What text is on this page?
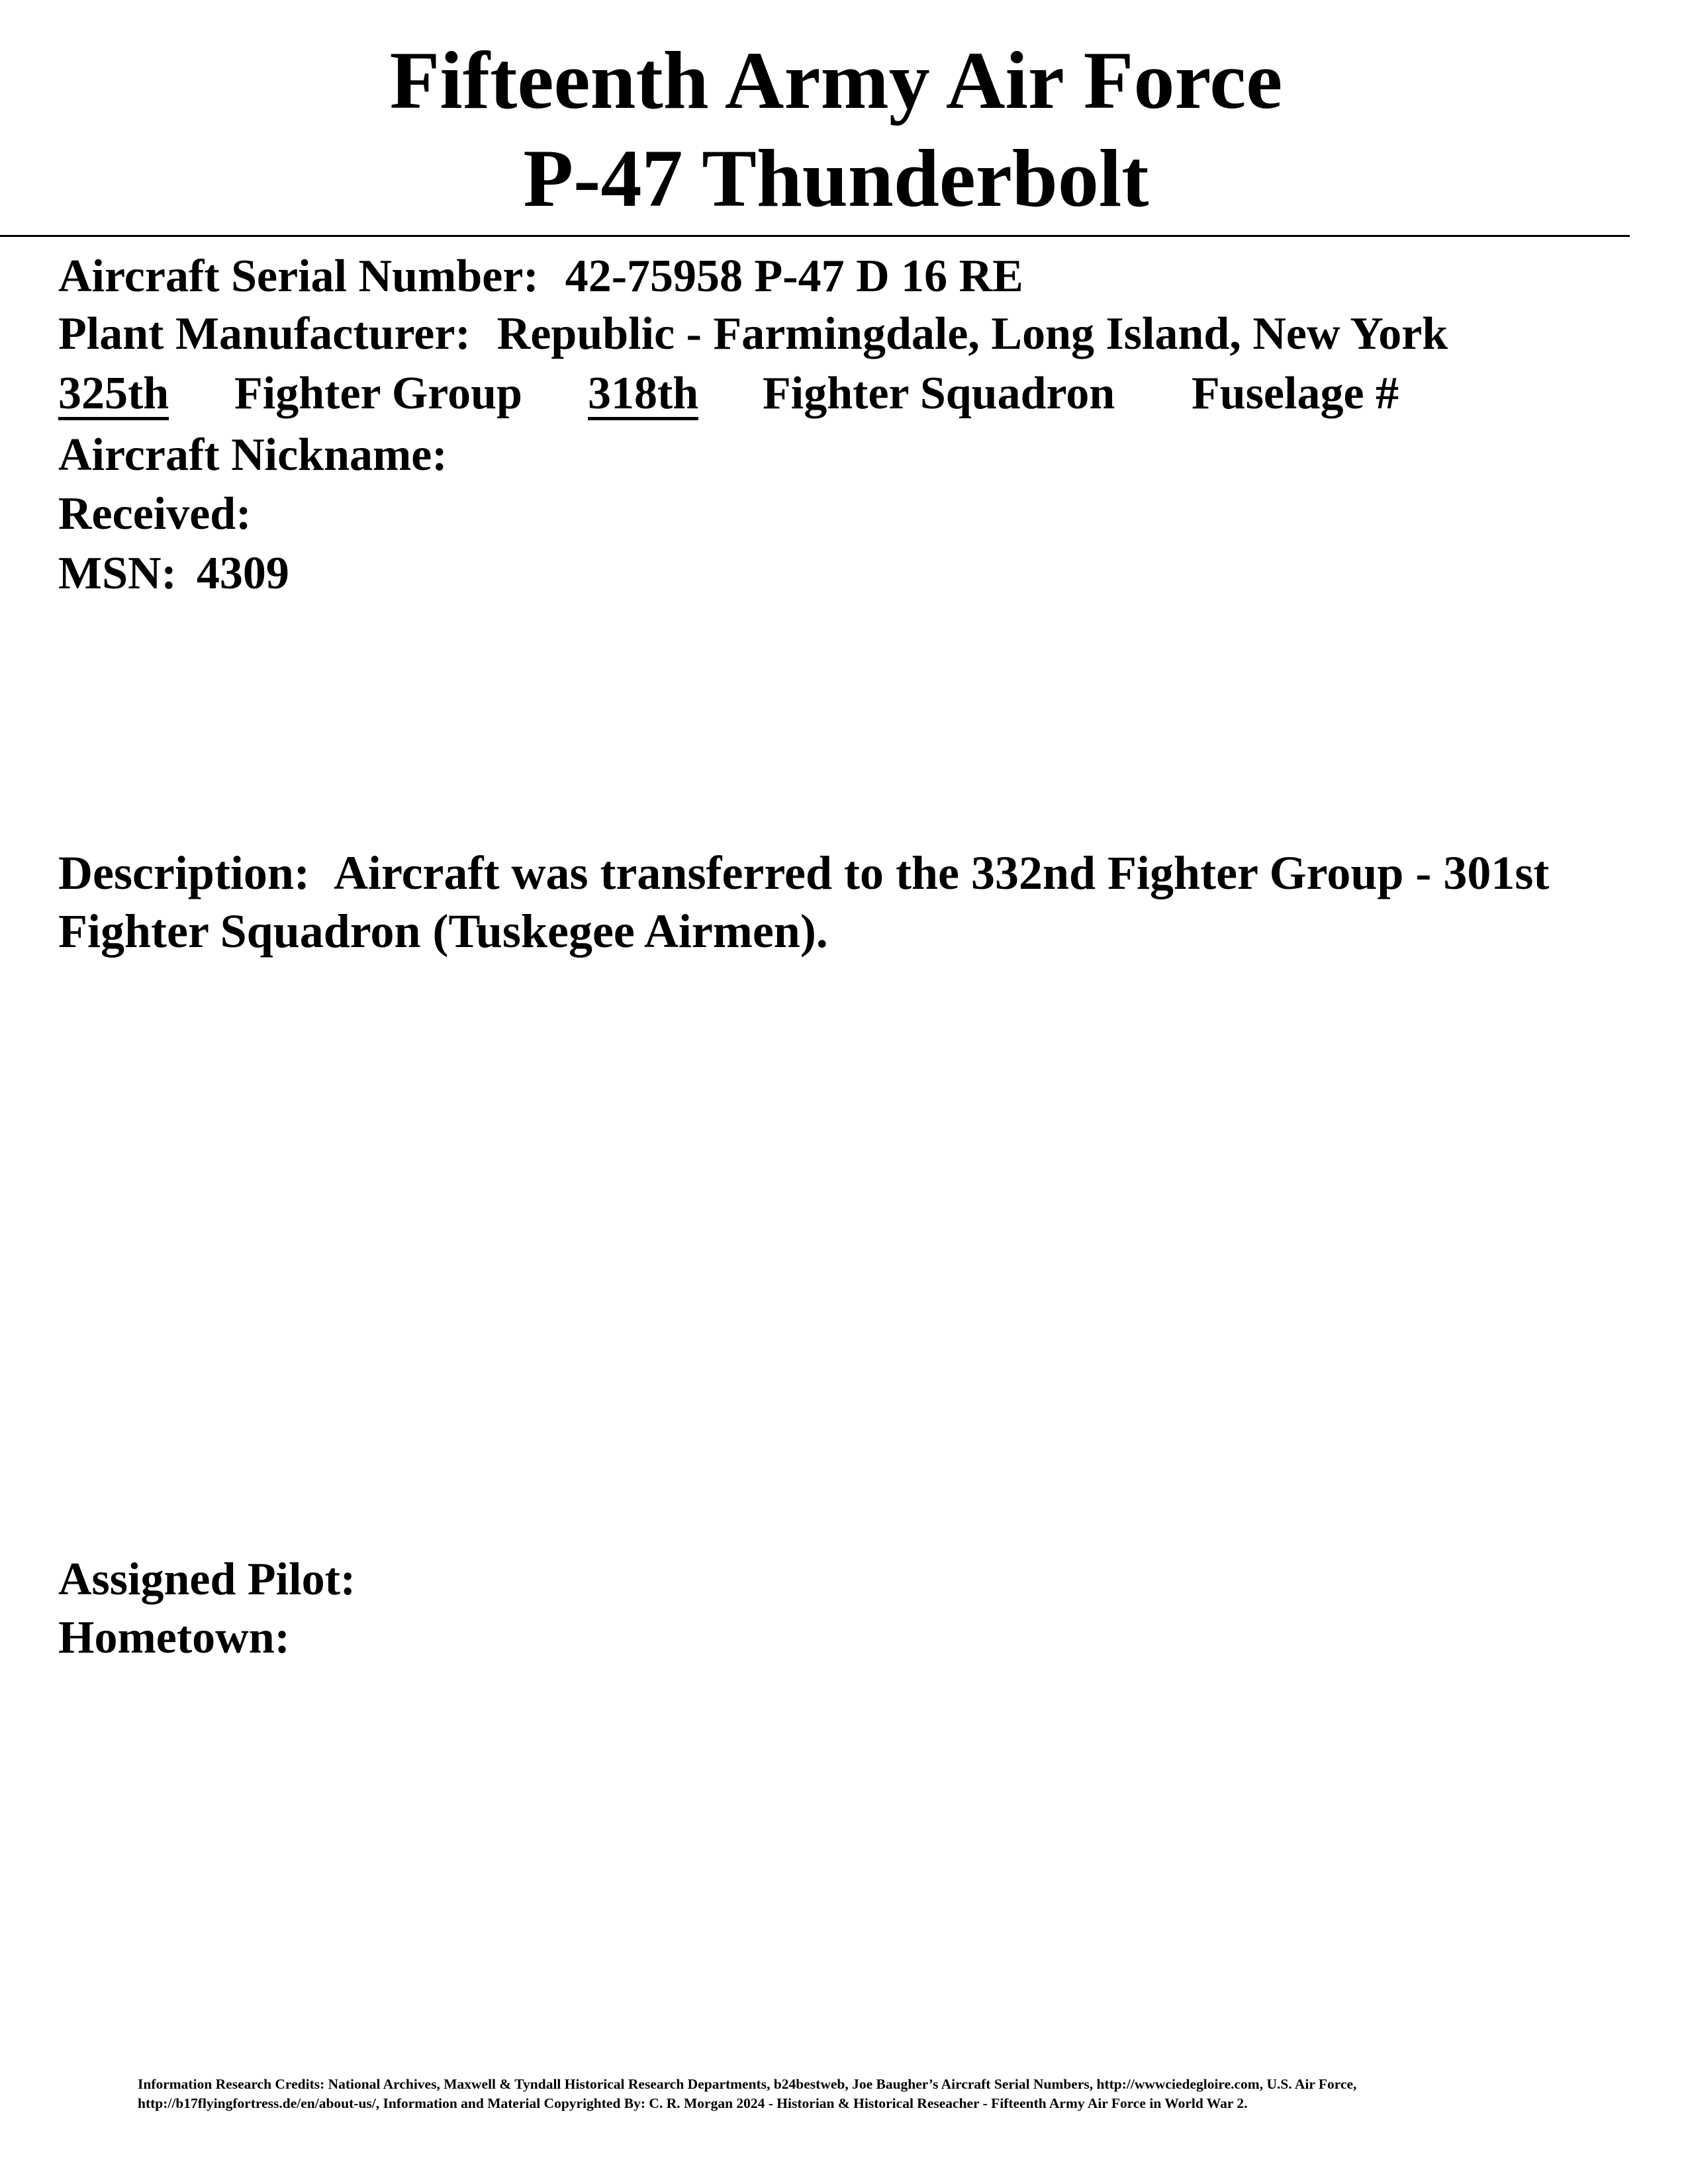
Fifteenth Army Air Force
P-47 Thunderbolt
Aircraft Serial Number: 42-75958 P-47 D 16 RE
Plant Manufacturer: Republic - Farmingdale, Long Island, New York
325th Fighter Group 318th Fighter Squadron Fuselage #
Aircraft Nickname:
Received:
MSN: 4309
Description: Aircraft was transferred to the 332nd Fighter Group - 301st Fighter Squadron (Tuskegee Airmen).
Assigned Pilot:
Hometown:
Information Research Credits: National Archives, Maxwell & Tyndall Historical Research Departments, b24bestweb, Joe Baugher’s Aircraft Serial Numbers, http://wwwciedegloire.com, U.S. Air Force,
http://b17flyingfortress.de/en/about-us/, Information and Material Copyrighted By: C. R. Morgan 2024 - Historian & Historical Reseacher - Fifteenth Army Air Force in World War 2.
